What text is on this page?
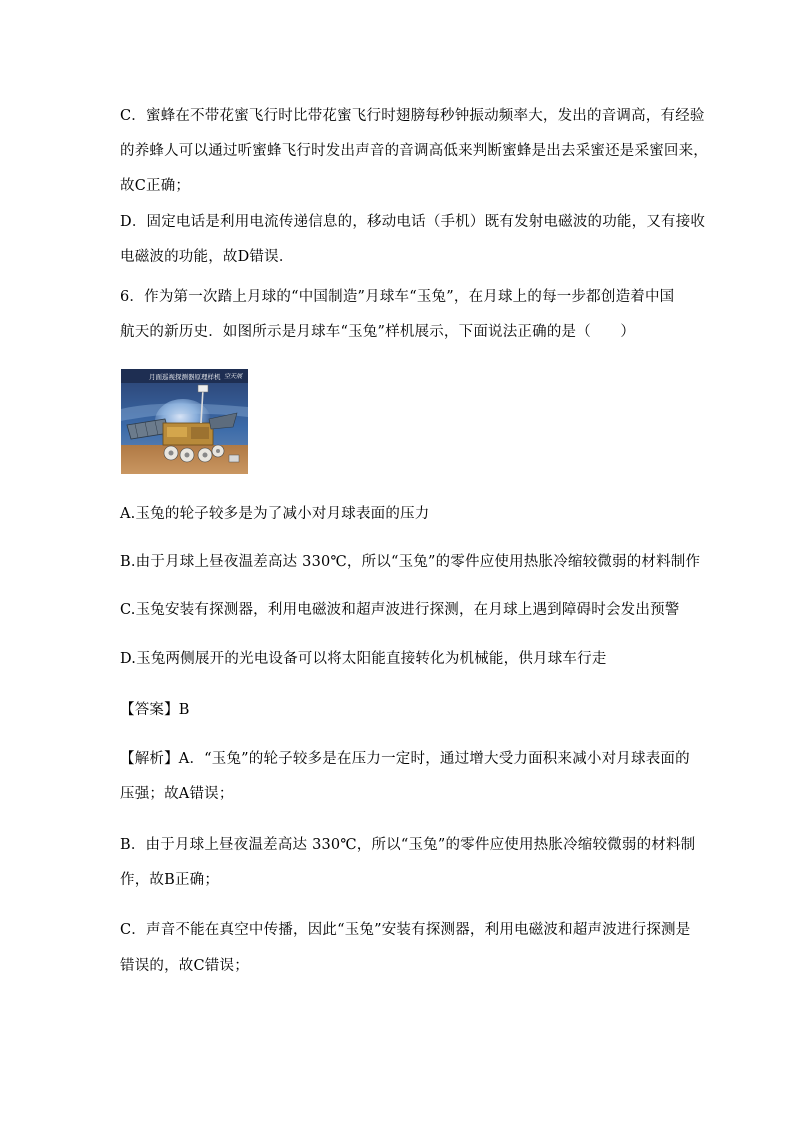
C．蜜蜂在不带花蜜飞行时比带花蜜飞行时翅膀每秒钟振动频率大，发出的音调高，有经验
的养蜂人可以通过听蜜蜂飞行时发出声音的音调高低来判断蜜蜂是出去采蜜还是采蜜回来，
故C正确；
D．固定电话是利用电流传递信息的，移动电话（手机）既有发射电磁波的功能，又有接收
电磁波的功能，故D错误．
6．作为第一次踏上月球的“中国制造”月球车“玉兔”，在月球上的每一步都创造着中国
航天的新历史．如图所示是月球车“玉兔”样机展示，下面说法正确的是（　　）
月面巡视探测器原理样机 空天展
A.玉兔的轮子较多是为了减小对月球表面的压力
B.由于月球上昼夜温差高达 330℃，所以“玉兔”的零件应使用热胀冷缩较微弱的材料制作
C.玉兔安装有探测器，利用电磁波和超声波进行探测，在月球上遇到障碍时会发出预警
D.玉兔两侧展开的光电设备可以将太阳能直接转化为机械能，供月球车行走
【答案】B
【解析】A．“玉兔”的轮子较多是在压力一定时，通过增大受力面积来减小对月球表面的
压强；故A错误；
B．由于月球上昼夜温差高达 330℃，所以“玉兔”的零件应使用热胀冷缩较微弱的材料制
作，故B正确；
C．声音不能在真空中传播，因此“玉兔”安装有探测器，利用电磁波和超声波进行探测是
错误的，故C错误；
